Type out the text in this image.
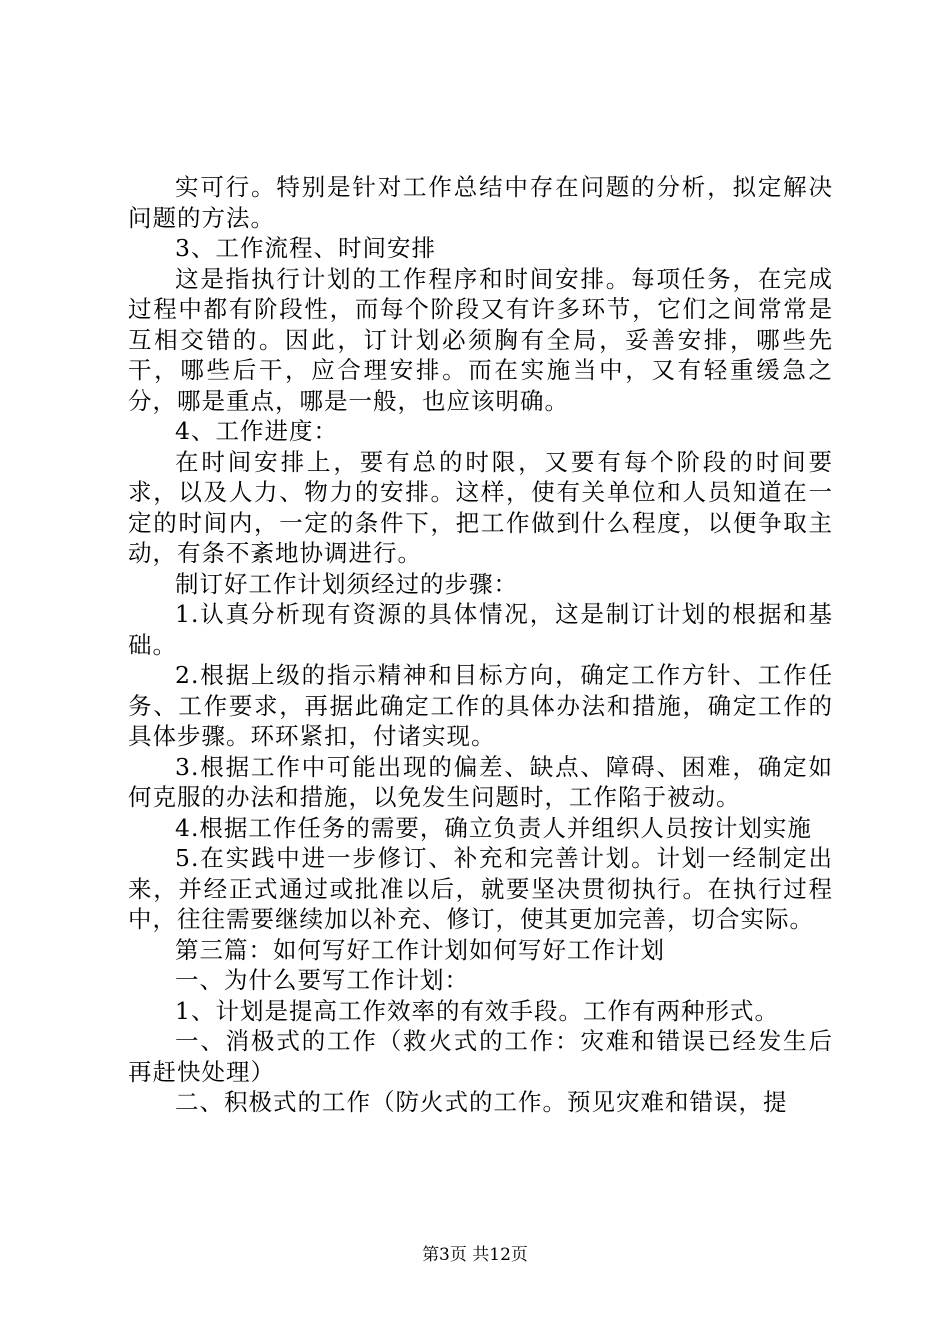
实可行。特别是针对工作总结中存在问题的分析，拟定解决问题的方法。

3、工作流程、时间安排

这是指执行计划的工作程序和时间安排。每项任务，在完成过程中都有阶段性，而每个阶段又有许多环节，它们之间常常是互相交错的。因此，订计划必须胸有全局，妥善安排，哪些先干，哪些后干，应合理安排。而在实施当中，又有轻重缓急之分，哪是重点，哪是一般，也应该明确。

4、工作进度：

在时间安排上，要有总的时限，又要有每个阶段的时间要求，以及人力、物力的安排。这样，使有关单位和人员知道在一定的时间内，一定的条件下，把工作做到什么程度，以便争取主动，有条不紊地协调进行。

制订好工作计划须经过的步骤：

1.认真分析现有资源的具体情况，这是制订计划的根据和基础。

2.根据上级的指示精神和目标方向，确定工作方针、工作任务、工作要求，再据此确定工作的具体办法和措施，确定工作的具体步骤。环环紧扣，付诸实现。

3.根据工作中可能出现的偏差、缺点、障碍、困难，确定如何克服的办法和措施，以免发生问题时，工作陷于被动。

4.根据工作任务的需要，确立负责人并组织人员按计划实施

5.在实践中进一步修订、补充和完善计划。计划一经制定出来，并经正式通过或批准以后，就要坚决贯彻执行。在执行过程中，往往需要继续加以补充、修订，使其更加完善，切合实际。

第三篇：如何写好工作计划如何写好工作计划

一、为什么要写工作计划：

1、计划是提高工作效率的有效手段。工作有两种形式。

一、消极式的工作（救火式的工作：灾难和错误已经发生后再赶快处理）

二、积极式的工作（防火式的工作。预见灾难和错误，提

第3页 共12页
